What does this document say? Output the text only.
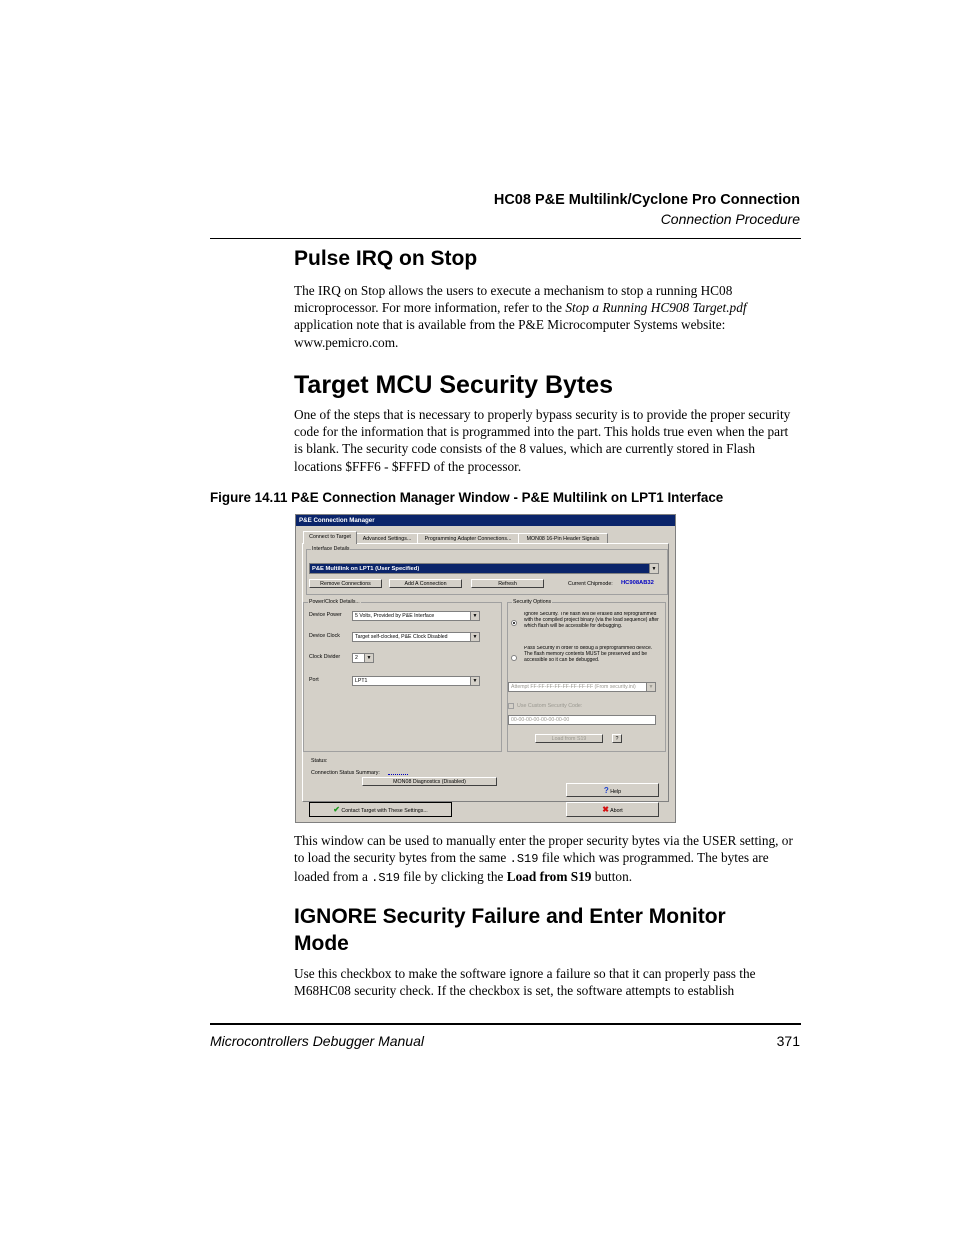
HC08 P&E Multilink/Cyclone Pro Connection
Connection Procedure
Pulse IRQ on Stop
The IRQ on Stop allows the users to execute a mechanism to stop a running HC08 microprocessor. For more information, refer to the Stop a Running HC908 Target.pdf application note that is available from the P&E Microcomputer Systems website: www.pemicro.com.
Target MCU Security Bytes
One of the steps that is necessary to properly bypass security is to provide the proper security code for the information that is programmed into the part. This holds true even when the part is blank. The security code consists of the 8 values, which are currently stored in Flash locations $FFF6 - $FFFD of the processor.
Figure 14.11 P&E Connection Manager Window - P&E Multilink on LPT1 Interface
P&E Connection Manager
Connect to Target	Advanced Settings...	Programming Adapter Connections...	MON08 16-Pin Header Signals
Interface Details
P&E Multilink on LPT1 (User Specified)	▼
Remove Connections	Add A Connection	Refresh	Current Chipmode: HC908AB32
Power/Clock Details...
Device Power	5 Volts, Provided by P&E Interface	▼
Device Clock	Target self-clocked, P&E Clock Disabled	▼
Clock Divider	2	▼
Port	LPT1	▼
Security Options
Ignore Security. The flash will be erased and reprogrammed with the compiled project binary (via the load sequence) after which flash will be accessible for debugging.
Pass Security in order to debug a preprogrammed device. The flash memory contents MUST be preserved and be accessible so it can be debugged.
Attempt FF-FF-FF-FF-FF-FF-FF-FF (From security.ini)	▼
Use Custom Security Code:
00-00-00-00-00-00-00-00
Load from S19	?
Status:
Connection Status Summary:
MON08 Diagnostics (Disabled)
? Help
✔ Contact Target with These Settings...	✖ Abort
This window can be used to manually enter the proper security bytes via the USER setting, or to load the security bytes from the same .S19 file which was programmed. The bytes are loaded from a .S19 file by clicking the Load from S19 button.
IGNORE Security Failure and Enter Monitor
Mode
Use this checkbox to make the software ignore a failure so that it can properly pass the M68HC08 security check. If the checkbox is set, the software attempts to establish
Microcontrollers Debugger Manual	371
